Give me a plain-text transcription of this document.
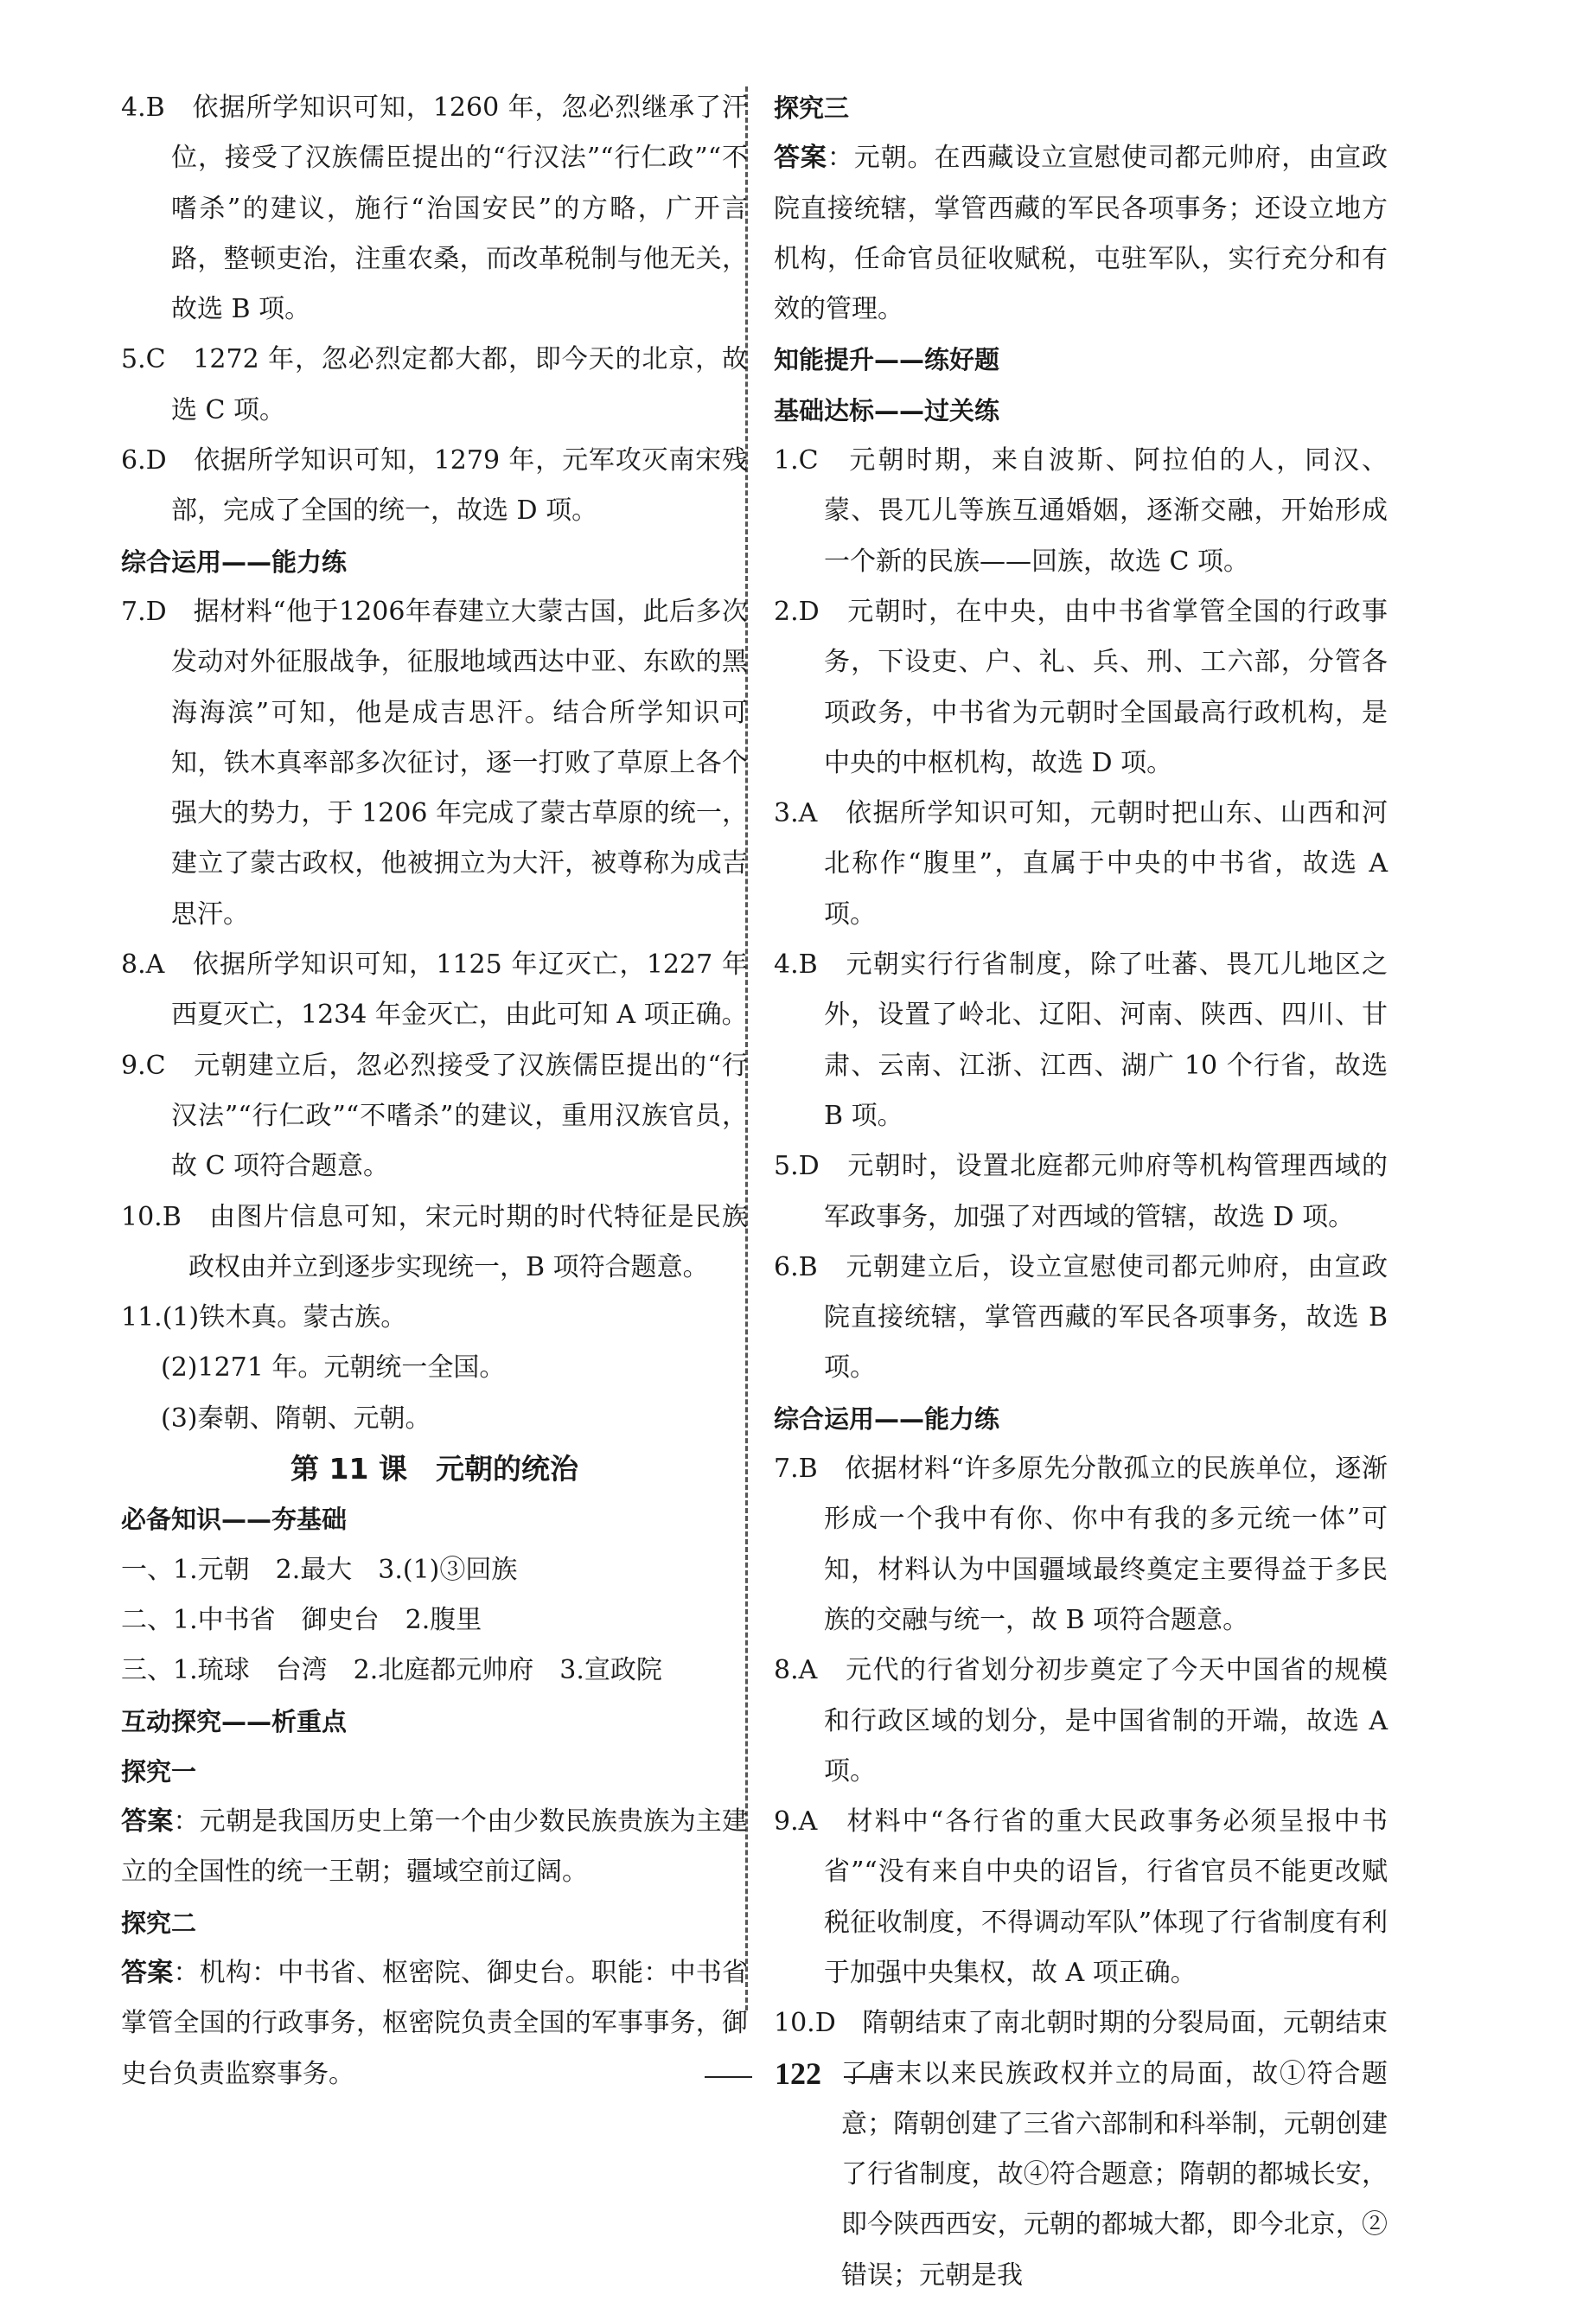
4.B　依据所学知识可知，1260 年，忽必烈继承了汗位，接受了汉族儒臣提出的“行汉法”“行仁政”“不嗜杀”的建议，施行“治国安民”的方略，广开言路，整顿吏治，注重农桑，而改革税制与他无关，故选 B 项。

5.C　1272 年，忽必烈定都大都，即今天的北京，故选 C 项。

6.D　依据所学知识可知，1279 年，元军攻灭南宋残部，完成了全国的统一，故选 D 项。

综合运用——能力练

7.D　据材料“他于1206年春建立大蒙古国，此后多次发动对外征服战争，征服地域西达中亚、东欧的黑海海滨”可知，他是成吉思汗。结合所学知识可知，铁木真率部多次征讨，逐一打败了草原上各个强大的势力，于 1206 年完成了蒙古草原的统一，建立了蒙古政权，他被拥立为大汗，被尊称为成吉思汗。

8.A　依据所学知识可知，1125 年辽灭亡，1227 年西夏灭亡，1234 年金灭亡，由此可知 A 项正确。

9.C　元朝建立后，忽必烈接受了汉族儒臣提出的“行汉法”“行仁政”“不嗜杀”的建议，重用汉族官员，故 C 项符合题意。

10.B　由图片信息可知，宋元时期的时代特征是民族政权由并立到逐步实现统一，B 项符合题意。

11.(1)铁木真。蒙古族。

(2)1271 年。元朝统一全国。

(3)秦朝、隋朝、元朝。

第 11 课　元朝的统治

必备知识——夯基础

一、1.元朝　2.最大　3.(1)③回族

二、1.中书省　御史台　2.腹里

三、1.琉球　台湾　2.北庭都元帅府　3.宣政院

互动探究——析重点

探究一

答案：元朝是我国历史上第一个由少数民族贵族为主建立的全国性的统一王朝；疆域空前辽阔。

探究二

答案：机构：中书省、枢密院、御史台。职能：中书省掌管全国的行政事务，枢密院负责全国的军事事务，御史台负责监察事务。

探究三

答案：元朝。在西藏设立宣慰使司都元帅府，由宣政院直接统辖，掌管西藏的军民各项事务；还设立地方机构，任命官员征收赋税，屯驻军队，实行充分和有效的管理。

知能提升——练好题

基础达标——过关练

1.C　元朝时期，来自波斯、阿拉伯的人，同汉、蒙、畏兀儿等族互通婚姻，逐渐交融，开始形成一个新的民族——回族，故选 C 项。

2.D　元朝时，在中央，由中书省掌管全国的行政事务，下设吏、户、礼、兵、刑、工六部，分管各项政务，中书省为元朝时全国最高行政机构，是中央的中枢机构，故选 D 项。

3.A　依据所学知识可知，元朝时把山东、山西和河北称作“腹里”，直属于中央的中书省，故选 A 项。

4.B　元朝实行行省制度，除了吐蕃、畏兀儿地区之外，设置了岭北、辽阳、河南、陕西、四川、甘肃、云南、江浙、江西、湖广 10 个行省，故选 B 项。

5.D　元朝时，设置北庭都元帅府等机构管理西域的军政事务，加强了对西域的管辖，故选 D 项。

6.B　元朝建立后，设立宣慰使司都元帅府，由宣政院直接统辖，掌管西藏的军民各项事务，故选 B 项。

综合运用——能力练

7.B　依据材料“许多原先分散孤立的民族单位，逐渐形成一个我中有你、你中有我的多元统一体”可知，材料认为中国疆域最终奠定主要得益于多民族的交融与统一，故 B 项符合题意。

8.A　元代的行省划分初步奠定了今天中国省的规模和行政区域的划分，是中国省制的开端，故选 A 项。

9.A　材料中“各行省的重大民政事务必须呈报中书省”“没有来自中央的诏旨，行省官员不能更改赋税征收制度，不得调动军队”体现了行省制度有利于加强中央集权，故 A 项正确。

10.D　隋朝结束了南北朝时期的分裂局面，元朝结束了唐末以来民族政权并立的局面，故①符合题意；隋朝创建了三省六部制和科举制，元朝创建了行省制度，故④符合题意；隋朝的都城长安，即今陕西西安，元朝的都城大都，即今北京，②错误；元朝是我

122
